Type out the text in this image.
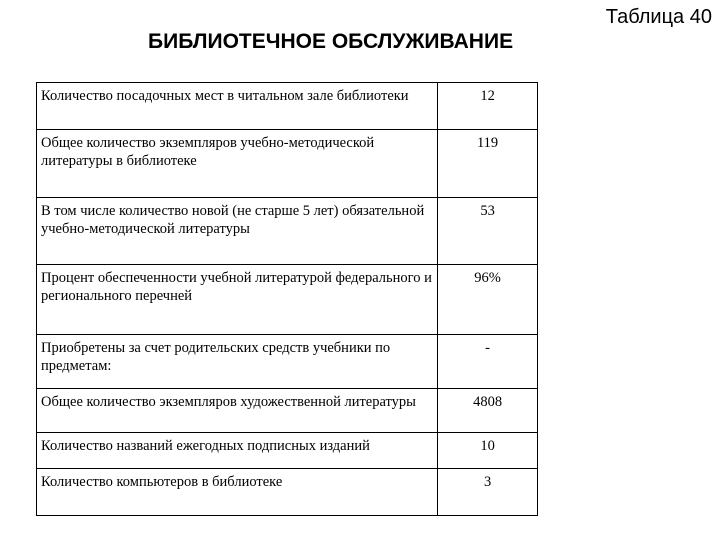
Таблица 40
БИБЛИОТЕЧНОЕ ОБСЛУЖИВАНИЕ
Количество посадочных мест в читальном зале библиотеки	12
Общее количество экземпляров учебно-методической литературы в библиотеке	119
В том числе количество новой (не старше 5 лет) обязательной учебно-методической литературы	53
Процент обеспеченности учебной литературой федерального и регионального перечней	96%
Приобретены за счет родительских средств учебники по предметам:	-
Общее количество экземпляров художественной литературы	4808
Количество названий ежегодных подписных изданий	10
Количество компьютеров в библиотеке	3
